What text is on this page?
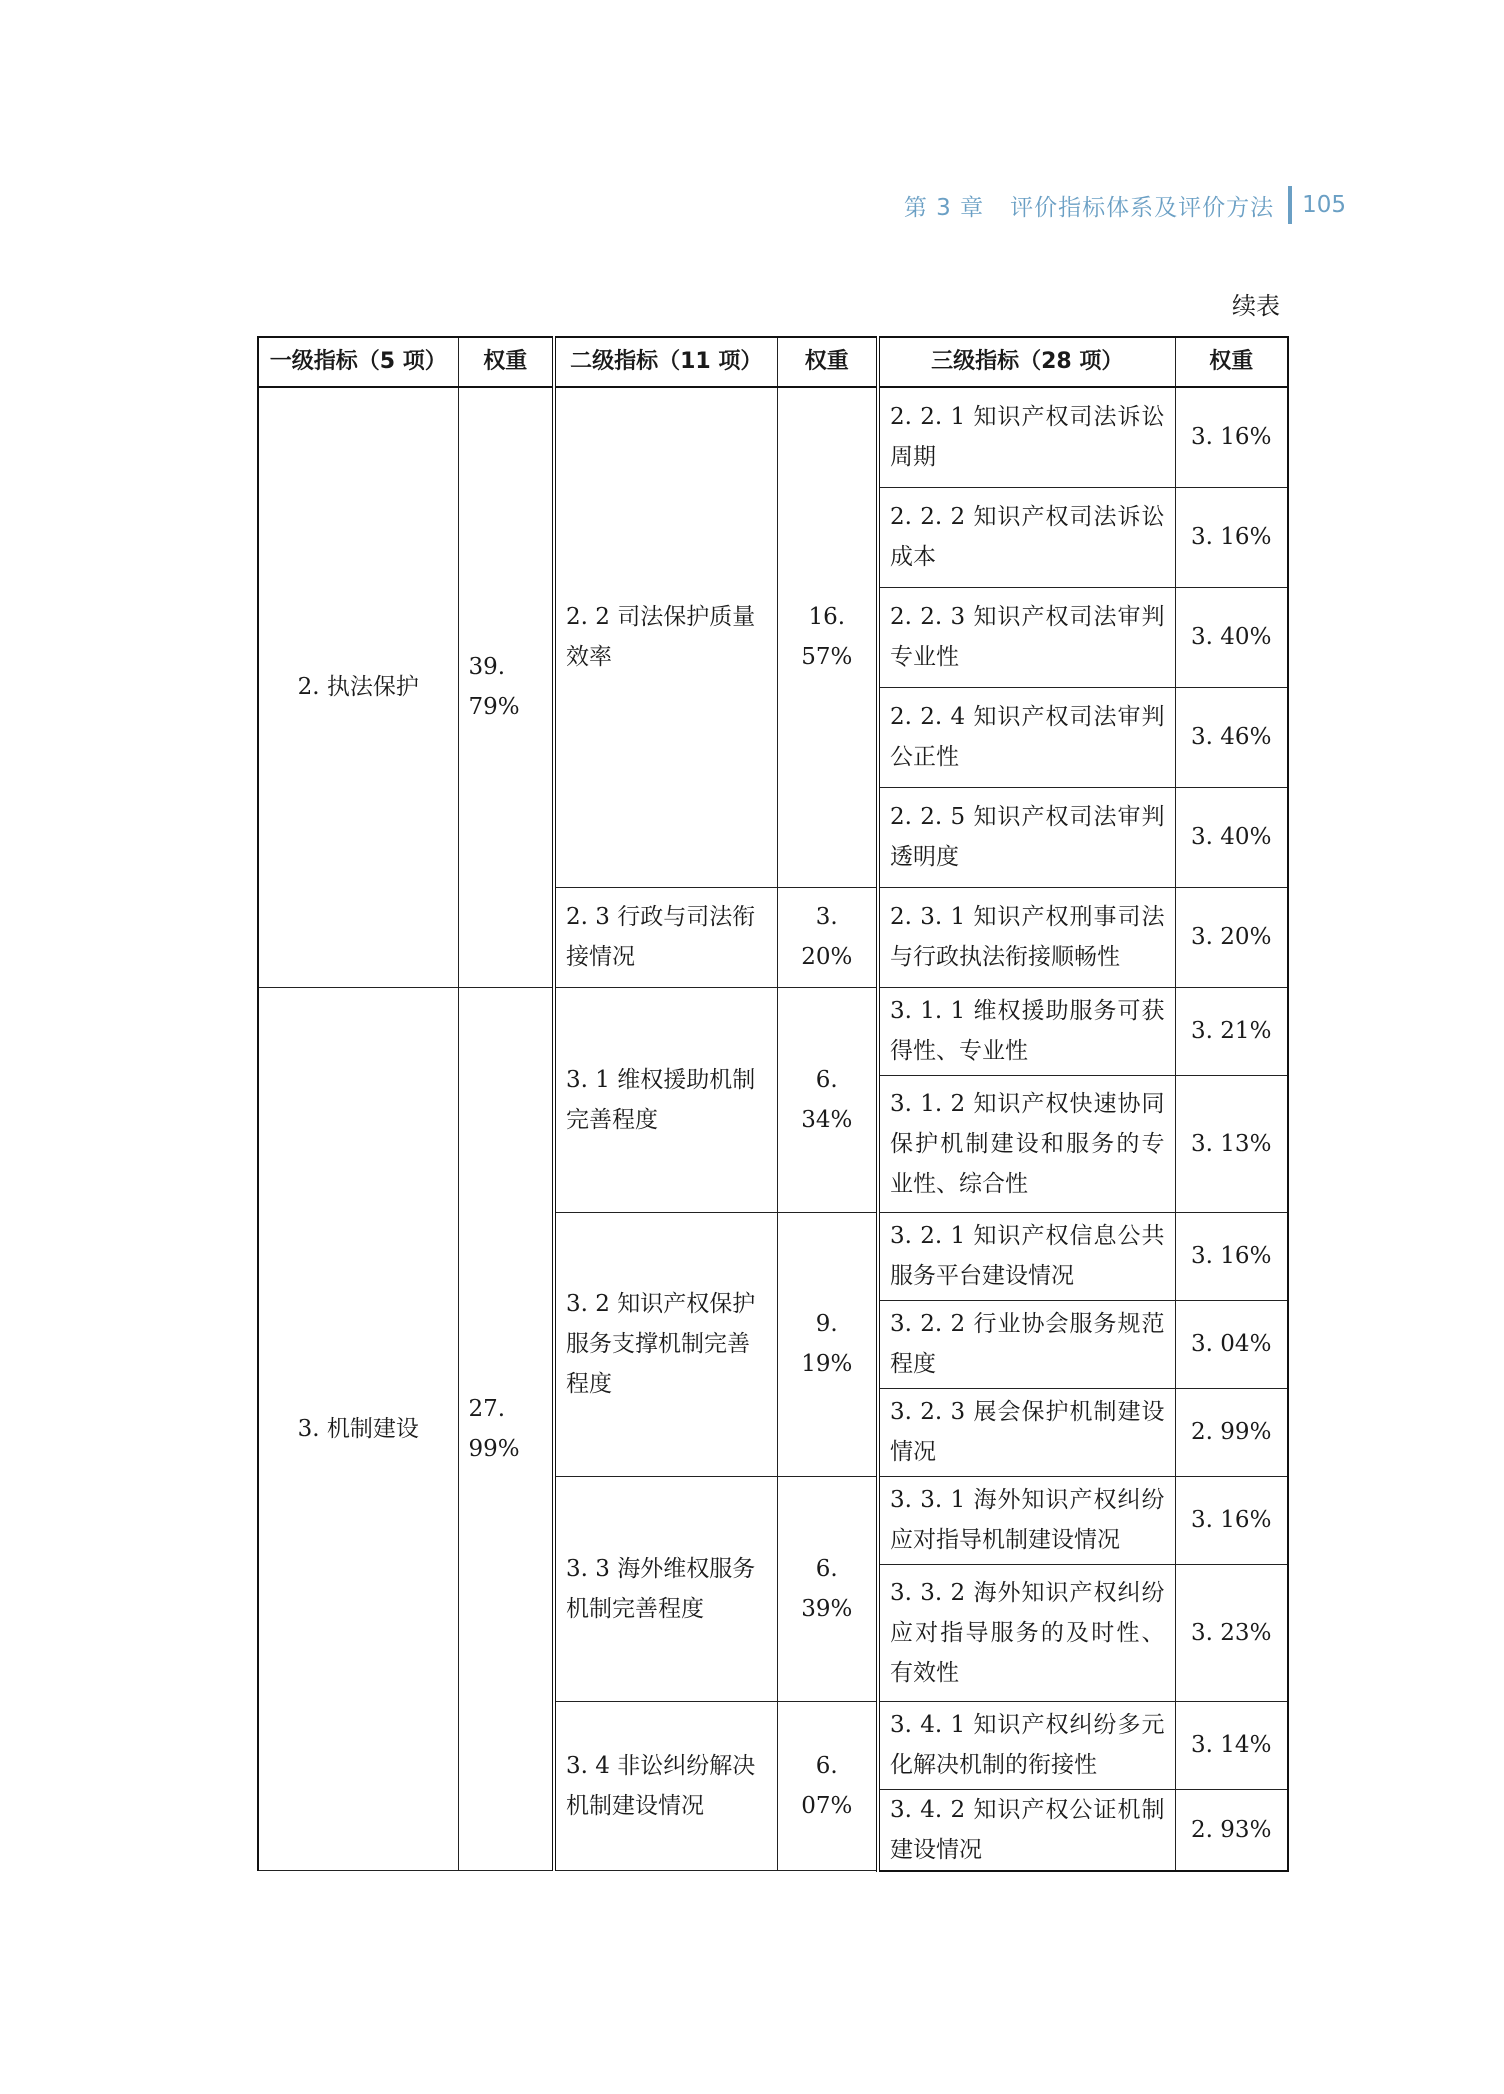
第 3 章 评价指标体系及评价方法 105
续表
一级指标（5 项）	权重	二级指标（11 项）	权重	三级指标（28 项）	权重
2. 执法保护	39. 79%	2. 2 司法保护质量效率	16. 57%	2. 2. 1 知识产权司法诉讼周期	3. 16%
				2. 2. 2 知识产权司法诉讼成本	3. 16%
				2. 2. 3 知识产权司法审判专业性	3. 40%
				2. 2. 4 知识产权司法审判公正性	3. 46%
				2. 2. 5 知识产权司法审判透明度	3. 40%
		2. 3 行政与司法衔接情况	3. 20%	2. 3. 1 知识产权刑事司法与行政执法衔接顺畅性	3. 20%
3. 机制建设	27. 99%	3. 1 维权援助机制完善程度	6. 34%	3. 1. 1 维权援助服务可获得性、专业性	3. 21%
				3. 1. 2 知识产权快速协同保护机制建设和服务的专业性、综合性	3. 13%
		3. 2 知识产权保护服务支撑机制完善程度	9. 19%	3. 2. 1 知识产权信息公共服务平台建设情况	3. 16%
				3. 2. 2 行业协会服务规范程度	3. 04%
				3. 2. 3 展会保护机制建设情况	2. 99%
		3. 3 海外维权服务机制完善程度	6. 39%	3. 3. 1 海外知识产权纠纷应对指导机制建设情况	3. 16%
				3. 3. 2 海外知识产权纠纷应对指导服务的及时性、有效性	3. 23%
		3. 4 非讼纠纷解决机制建设情况	6. 07%	3. 4. 1 知识产权纠纷多元化解决机制的衔接性	3. 14%
				3. 4. 2 知识产权公证机制建设情况	2. 93%
